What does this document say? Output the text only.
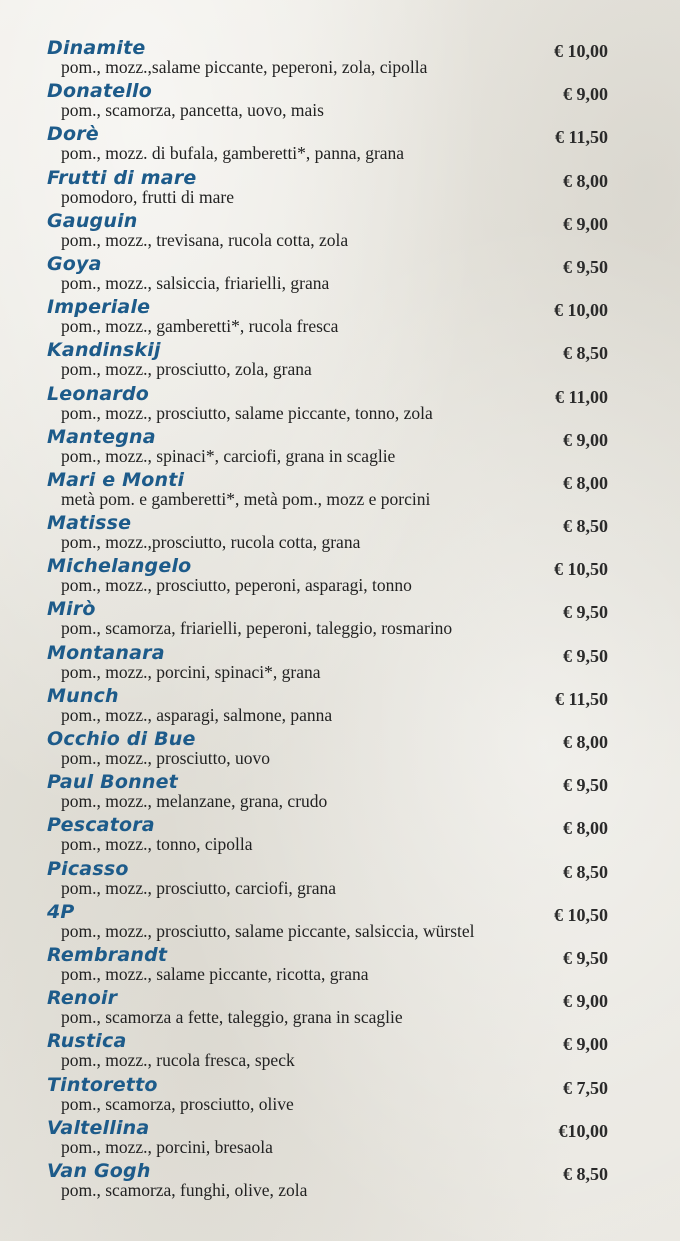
Dinamite	€ 10,00
pom., mozz.,salame piccante, peperoni, zola, cipolla
Donatello	€ 9,00
pom., scamorza, pancetta, uovo, mais
Dorè	€ 11,50
pom., mozz. di bufala, gamberetti*, panna, grana
Frutti di mare	€ 8,00
pomodoro, frutti di mare
Gauguin	€ 9,00
pom., mozz., trevisana, rucola cotta, zola
Goya	€ 9,50
pom., mozz., salsiccia, friarielli, grana
Imperiale	€ 10,00
pom., mozz., gamberetti*, rucola fresca
Kandinskij	€ 8,50
pom., mozz., prosciutto, zola, grana
Leonardo	€ 11,00
pom., mozz., prosciutto, salame piccante, tonno, zola
Mantegna	€ 9,00
pom., mozz., spinaci*, carciofi, grana in scaglie
Mari e Monti	€ 8,00
metà pom. e gamberetti*, metà pom., mozz e porcini
Matisse	€ 8,50
pom., mozz.,prosciutto, rucola cotta, grana
Michelangelo	€ 10,50
pom., mozz., prosciutto, peperoni, asparagi, tonno
Mirò	€ 9,50
pom., scamorza, friarielli, peperoni, taleggio, rosmarino
Montanara	€ 9,50
pom., mozz., porcini, spinaci*, grana
Munch	€ 11,50
pom., mozz., asparagi, salmone, panna
Occhio di Bue	€ 8,00
pom., mozz., prosciutto, uovo
Paul Bonnet	€ 9,50
pom., mozz., melanzane, grana, crudo
Pescatora	€ 8,00
pom., mozz., tonno, cipolla
Picasso	€ 8,50
pom., mozz., prosciutto, carciofi, grana
4P	€ 10,50
pom., mozz., prosciutto, salame piccante, salsiccia, würstel
Rembrandt	€ 9,50
pom., mozz., salame piccante, ricotta, grana
Renoir	€ 9,00
pom., scamorza a fette, taleggio, grana in scaglie
Rustica	€ 9,00
pom., mozz., rucola fresca, speck
Tintoretto	€ 7,50
pom., scamorza, prosciutto, olive
Valtellina	€10,00
pom., mozz., porcini, bresaola
Van Gogh	€ 8,50
pom., scamorza, funghi, olive, zola
